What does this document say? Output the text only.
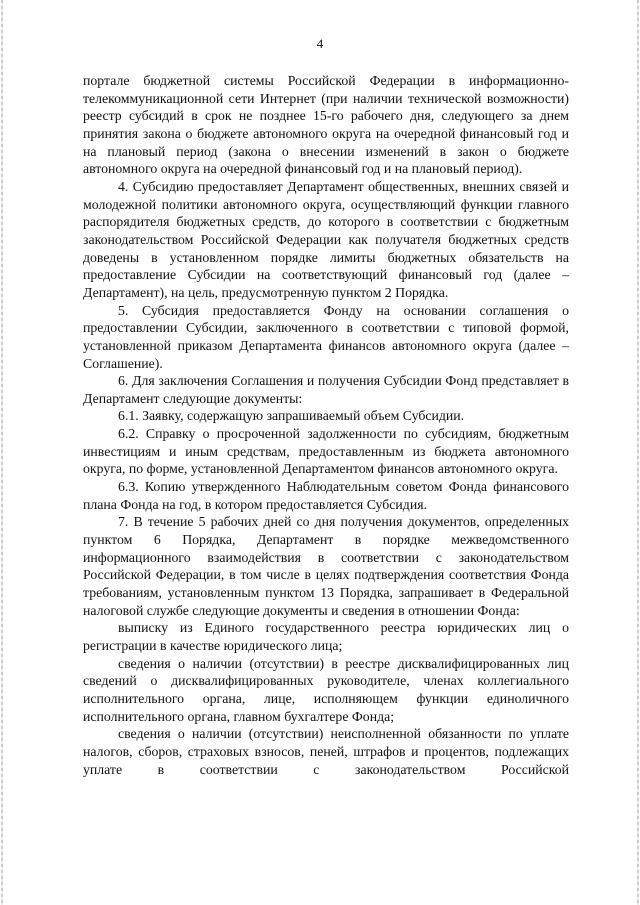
4

порталe бюджетной системы Российской Федерации в информационно-телекоммуникационной сети Интернет (при наличии технической возможности) реестр субсидий в срок не позднее 15-го рабочего дня, следующего за днем принятия закона о бюджете автономного округа на очередной финансовый год и на плановый период (закона о внесении изменений в закон о бюджете автономного округа на очередной финансовый год и на плановый период).

4. Субсидию предоставляет Департамент общественных, внешних связей и молодежной политики автономного округа, осуществляющий функции главного распорядителя бюджетных средств, до которого в соответствии с бюджетным законодательством Российской Федерации как получателя бюджетных средств доведены в установленном порядке лимиты бюджетных обязательств на предоставление Субсидии на соответствующий финансовый год (далее – Департамент), на цель, предусмотренную пунктом 2 Порядка.

5. Субсидия предоставляется Фонду на основании соглашения о предоставлении Субсидии, заключенного в соответствии с типовой формой, установленной приказом Департамента финансов автономного округа (далее – Соглашение).

6. Для заключения Соглашения и получения Субсидии Фонд представляет в Департамент следующие документы:

6.1. Заявку, содержащую запрашиваемый объем Субсидии.

6.2. Справку о просроченной задолженности по субсидиям, бюджетным инвестициям и иным средствам, предоставленным из бюджета автономного округа, по форме, установленной Департаментом финансов автономного округа.

6.3. Копию утвержденного Наблюдательным советом Фонда финансового плана Фонда на год, в котором предоставляется Субсидия.

7. В течение 5 рабочих дней со дня получения документов, определенных пунктом 6 Порядка, Департамент в порядке межведомственного информационного взаимодействия в соответствии с законодательством Российской Федерации, в том числе в целях подтверждения соответствия Фонда требованиям, установленным пунктом 13 Порядка, запрашивает в Федеральной налоговой службе следующие документы и сведения в отношении Фонда:

выписку из Единого государственного реестра юридических лиц о регистрации в качестве юридического лица;

сведения о наличии (отсутствии) в реестре дисквалифицированных лиц сведений о дисквалифицированных руководителе, членах коллегиального исполнительного органа, лице, исполняющем функции единоличного исполнительного органа, главном бухгалтере Фонда;

сведения о наличии (отсутствии) неисполненной обязанности по уплате налогов, сборов, страховых взносов, пеней, штрафов и процентов, подлежащих уплате в соответствии с законодательством Российской
